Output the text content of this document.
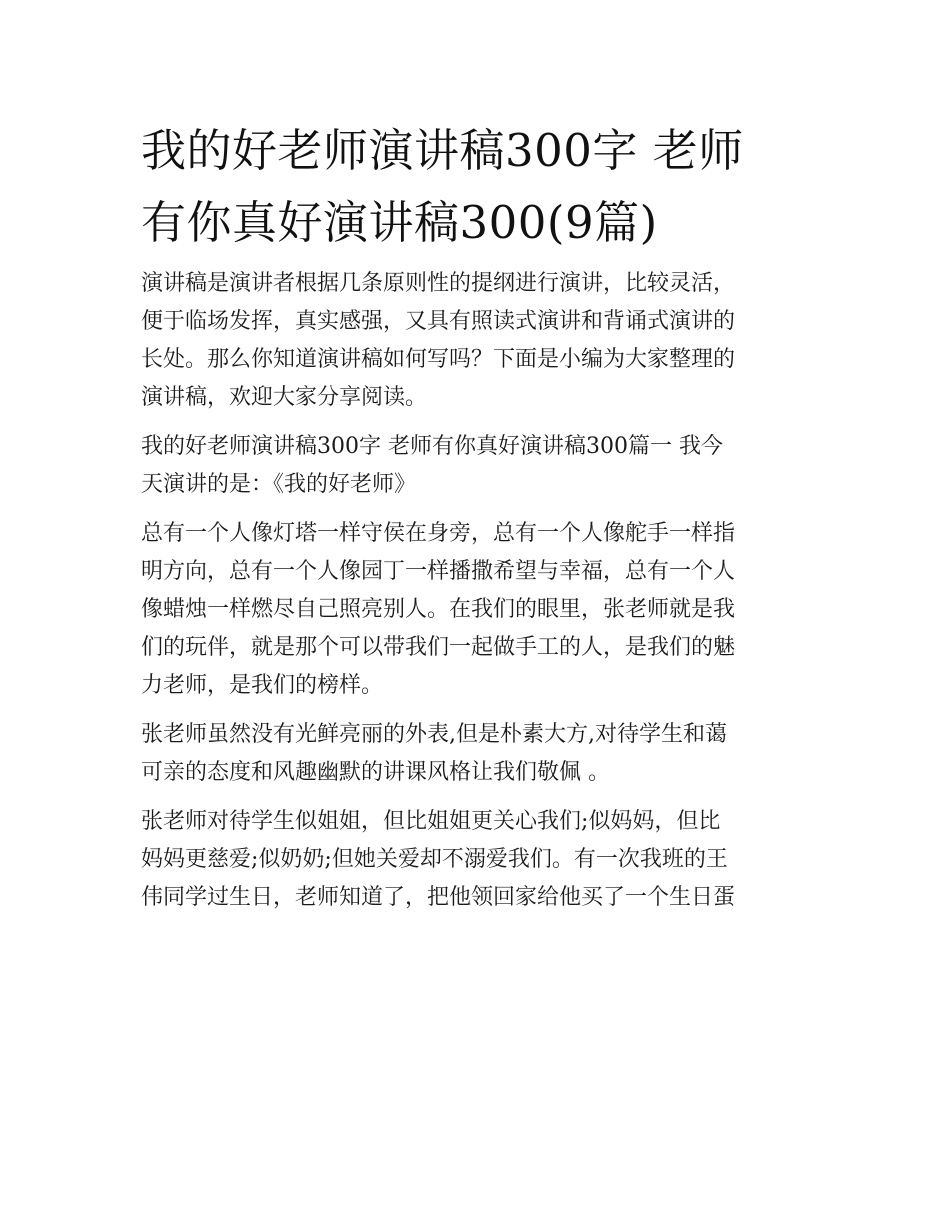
我的好老师演讲稿300字 老师
有你真好演讲稿300(9篇)

演讲稿是演讲者根据几条原则性的提纲进行演讲，比较灵活，
便于临场发挥，真实感强，又具有照读式演讲和背诵式演讲的
长处。那么你知道演讲稿如何写吗？下面是小编为大家整理的
演讲稿，欢迎大家分享阅读。

我的好老师演讲稿300字 老师有你真好演讲稿300篇一 我今
天演讲的是：《我的好老师》

总有一个人像灯塔一样守侯在身旁，总有一个人像舵手一样指
明方向，总有一个人像园丁一样播撒希望与幸福，总有一个人
像蜡烛一样燃尽自己照亮别人。在我们的眼里，张老师就是我
们的玩伴，就是那个可以带我们一起做手工的人，是我们的魅
力老师，是我们的榜样。

张老师虽然没有光鲜亮丽的外表,但是朴素大方,对待学生和蔼
可亲的态度和风趣幽默的讲课风格让我们敬佩 。

张老师对待学生似姐姐，但比姐姐更关心我们;似妈妈，但比
妈妈更慈爱;似奶奶;但她关爱却不溺爱我们。有一次我班的王
伟同学过生日，老师知道了，把他领回家给他买了一个生日蛋
